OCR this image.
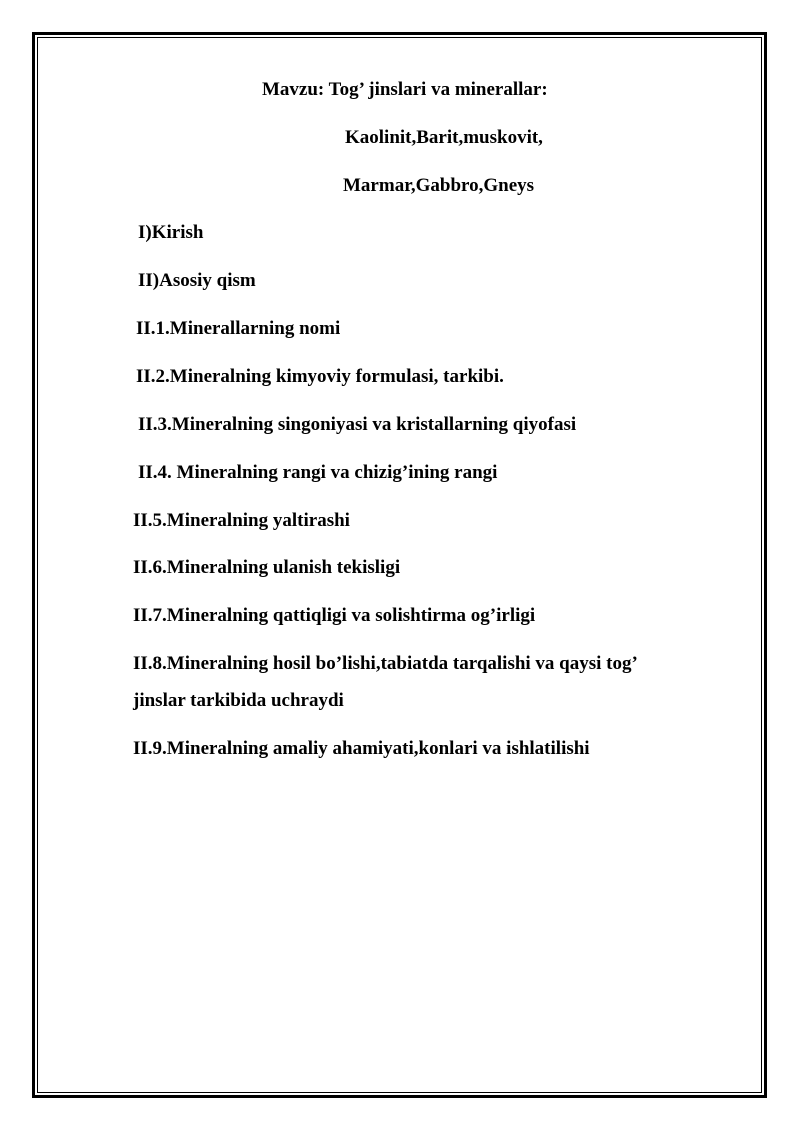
Mavzu: Tog’ jinslari va minerallar:
Kaolinit,Barit,muskovit,
Marmar,Gabbro,Gneys
I)Kirish
II)Asosiy qism
II.1.Minerallarning nomi
II.2.Mineralning kimyoviy formulasi, tarkibi.
II.3.Mineralning singoniyasi va kristallarning qiyofasi
II.4. Mineralning rangi va chizig’ining rangi
II.5.Mineralning yaltirashi
II.6.Mineralning ulanish tekisligi
II.7.Mineralning qattiqligi va solishtirma og’irligi
II.8.Mineralning hosil bo’lishi,tabiatda tarqalishi va qaysi tog’
jinslar tarkibida uchraydi
II.9.Mineralning amaliy ahamiyati,konlari va ishlatilishi
